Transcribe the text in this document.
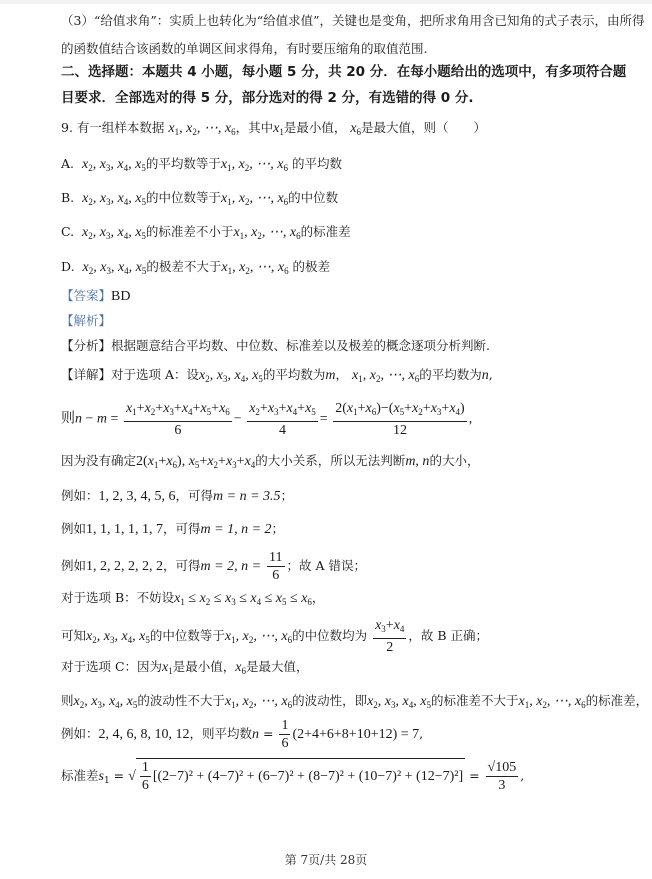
（3）“给值求角”：实质上也转化为“给值求值”，关键也是变角，把所求角用含已知角的式子表示，由所得
的函数值结合该函数的单调区间求得角，有时要压缩角的取值范围.
二、选择题：本题共 4 小题，每小题 5 分，共 20 分．在每小题给出的选项中，有多项符合题
目要求．全部选对的得 5 分，部分选对的得 2 分，有选错的得 0 分.
9. 有一组样本数据 $x_1$, $x_2$, ⋯, $x_6$，其中$x_1$是最小值， $x_6$是最大值，则（　　）
A. $x_2$, $x_3$, $x_4$, $x_5$的平均数等于$x_1$, $x_2$, ⋯, $x_6$ 的平均数
B. $x_2$, $x_3$, $x_4$, $x_5$的中位数等于$x_1$, $x_2$, ⋯, $x_6$的中位数
C. $x_2$, $x_3$, $x_4$, $x_5$的标准差不小于$x_1$, $x_2$, ⋯, $x_6$的标准差
D. $x_2$, $x_3$, $x_4$, $x_5$的极差不大于$x_1$, $x_2$, ⋯, $x_6$ 的极差
【答案】BD
【解析】
【分析】根据题意结合平均数、中位数、标准差以及极差的概念逐项分析判断.
【详解】对于选项 A：设$x_2$, $x_3$, $x_4$, $x_5$的平均数为m， $x_1$, $x_2$, ⋯, $x_6$的平均数为n,
则$n - m = \frac{x_1+x_2+x_3+x_4+x_5+x_6}{6} - \frac{x_2+x_3+x_4+x_5}{4} = \frac{2(x_1+x_6)-(x_5+x_2+x_3+x_4)}{12}$ ,
因为没有确定$2(x_1+x_6)$, $x_5+x_2+x_3+x_4$的大小关系，所以无法判断m, n的大小，
例如：1, 2, 3, 4, 5, 6，可得m = n = 3.5；
例如1, 1, 1, 1, 1, 7，可得m = 1, n = 2；
例如1, 2, 2, 2, 2, 2，可得m = 2, $n = \frac{11}{6}$ ；故 A 错误；
对于选项 B：不妨设$x_1 \le x_2 \le x_3 \le x_4 \le x_5 \le x_6$，
可知$x_2$, $x_3$, $x_4$, $x_5$的中位数等于$x_1$, $x_2$, ⋯, $x_6$的中位数均为 $\frac{x_3+x_4}{2}$ ，故 B 正确；
对于选项 C：因为$x_1$是最小值，$x_6$是最大值，
则$x_2$, $x_3$, $x_4$, $x_5$的波动性不大于$x_1$, $x_2$, ⋯, $x_6$的波动性，即$x_2$, $x_3$, $x_4$, $x_5$的标准差不大于$x_1$, $x_2$, ⋯, $x_6$的标准差，
例如：2, 4, 6, 8, 10, 12，则平均数$n = \frac{1}{6} (2+4+6+8+10+12) = 7$,
标准差$s_1$ = √ $\frac{1}{6} [(2-7)^2 + (4-7)^2 + (6-7)^2 + (8-7)^2 + (10-7)^2 + (12-7)^2] = \frac{√105}{3}$ ,
第 7页/共 28页
